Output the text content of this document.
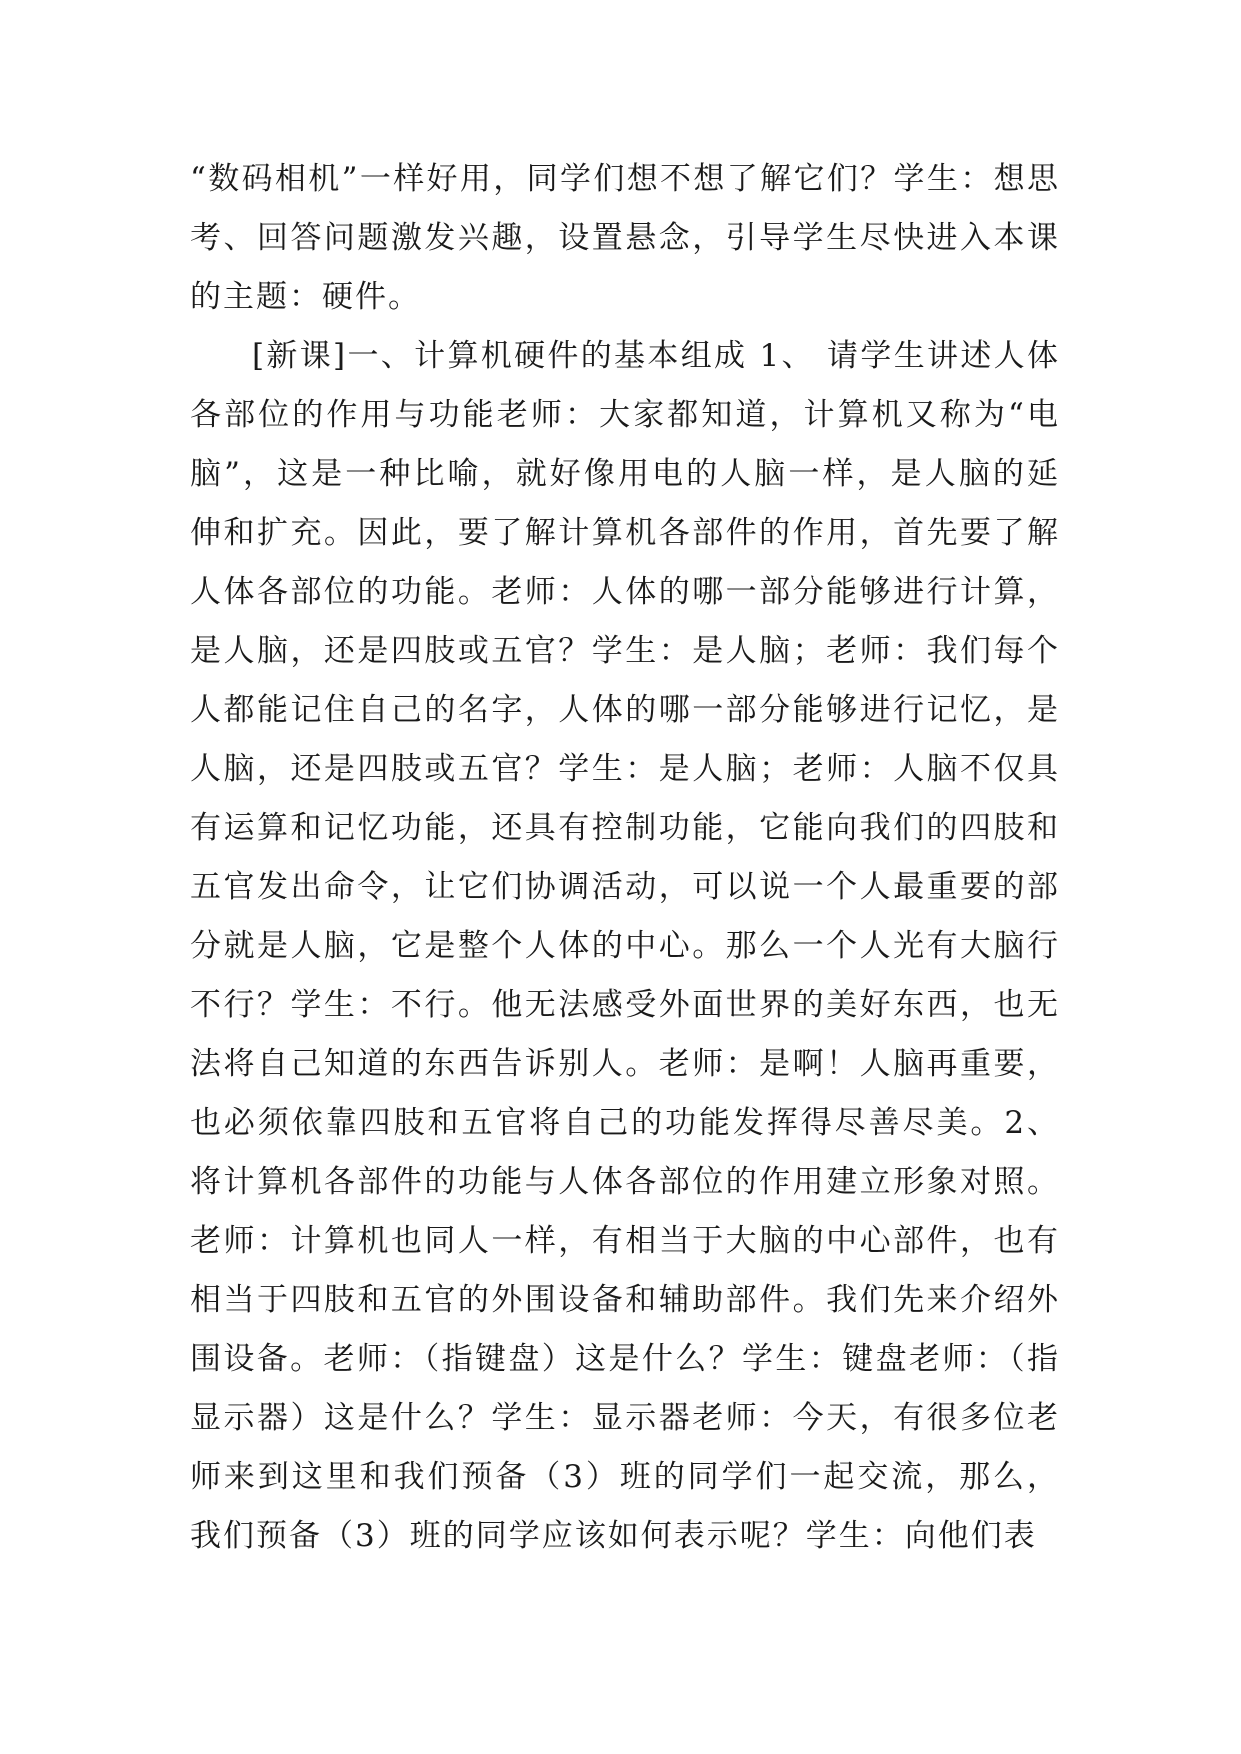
“数码相机”一样好用，同学们想不想了解它们？学生：想思考、回答问题激发兴趣，设置悬念，引导学生尽快进入本课的主题：硬件。

[新课]一、计算机硬件的基本组成 1、 请学生讲述人体各部位的作用与功能老师：大家都知道，计算机又称为“电脑”，这是一种比喻，就好像用电的人脑一样，是人脑的延伸和扩充。因此，要了解计算机各部件的作用，首先要了解人体各部位的功能。老师：人体的哪一部分能够进行计算，是人脑，还是四肢或五官？学生：是人脑；老师：我们每个人都能记住自己的名字，人体的哪一部分能够进行记忆，是人脑，还是四肢或五官？学生：是人脑；老师：人脑不仅具有运算和记忆功能，还具有控制功能，它能向我们的四肢和五官发出命令，让它们协调活动，可以说一个人最重要的部分就是人脑，它是整个人体的中心。那么一个人光有大脑行不行？学生：不行。他无法感受外面世界的美好东西，也无法将自己知道的东西告诉别人。老师：是啊！人脑再重要，也必须依靠四肢和五官将自己的功能发挥得尽善尽美。2、将计算机各部件的功能与人体各部位的作用建立形象对照。老师：计算机也同人一样，有相当于大脑的中心部件，也有相当于四肢和五官的外围设备和辅助部件。我们先来介绍外围设备。老师：（指键盘）这是什么？学生：键盘老师：（指显示器）这是什么？学生：显示器老师：今天，有很多位老师来到这里和我们预备（3）班的同学们一起交流，那么，我们预备（3）班的同学应该如何表示呢？学生：向他们表
